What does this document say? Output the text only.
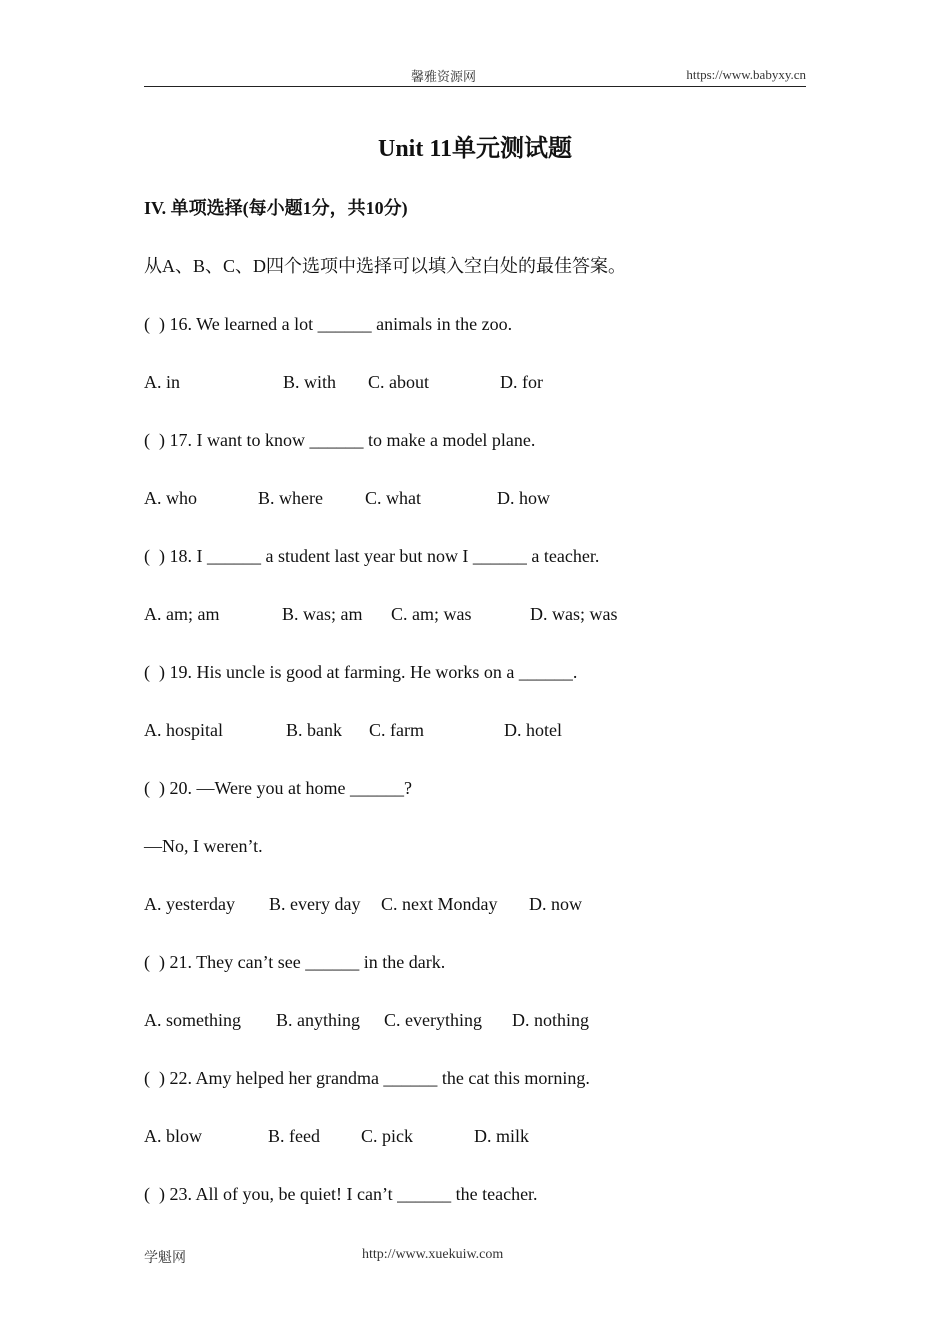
馨雅资源网	https://www.babyxy.cn
Unit 11单元测试题
IV. 单项选择(每小题1分，共10分)
从A、B、C、D四个选项中选择可以填入空白处的最佳答案。
(  ) 16. We learned a lot ______ animals in the zoo.
A. in	B. with C. about	D. for
(  ) 17. I want to know ______ to make a model plane.
A. who	B. where C. what	D. how
(  ) 18. I ______ a student last year but now I ______ a teacher.
A. am; am	B. was; am C. am; was	D. was; was
(  ) 19. His uncle is good at farming. He works on a ______.
A. hospital	B. bank C. farm	D. hotel
(  ) 20. —Were you at home ______?
—No, I weren’t.
A. yesterday B. every day C. next Monday D. now
(  ) 21. They can’t see ______ in the dark.
A. something B. anything C. everything D. nothing
(  ) 22. Amy helped her grandma ______ the cat this morning.
A. blow	B. feed C. pick	D. milk
(  ) 23. All of you, be quiet! I can’t ______ the teacher.
学魁网	http://www.xuekuiw.com
